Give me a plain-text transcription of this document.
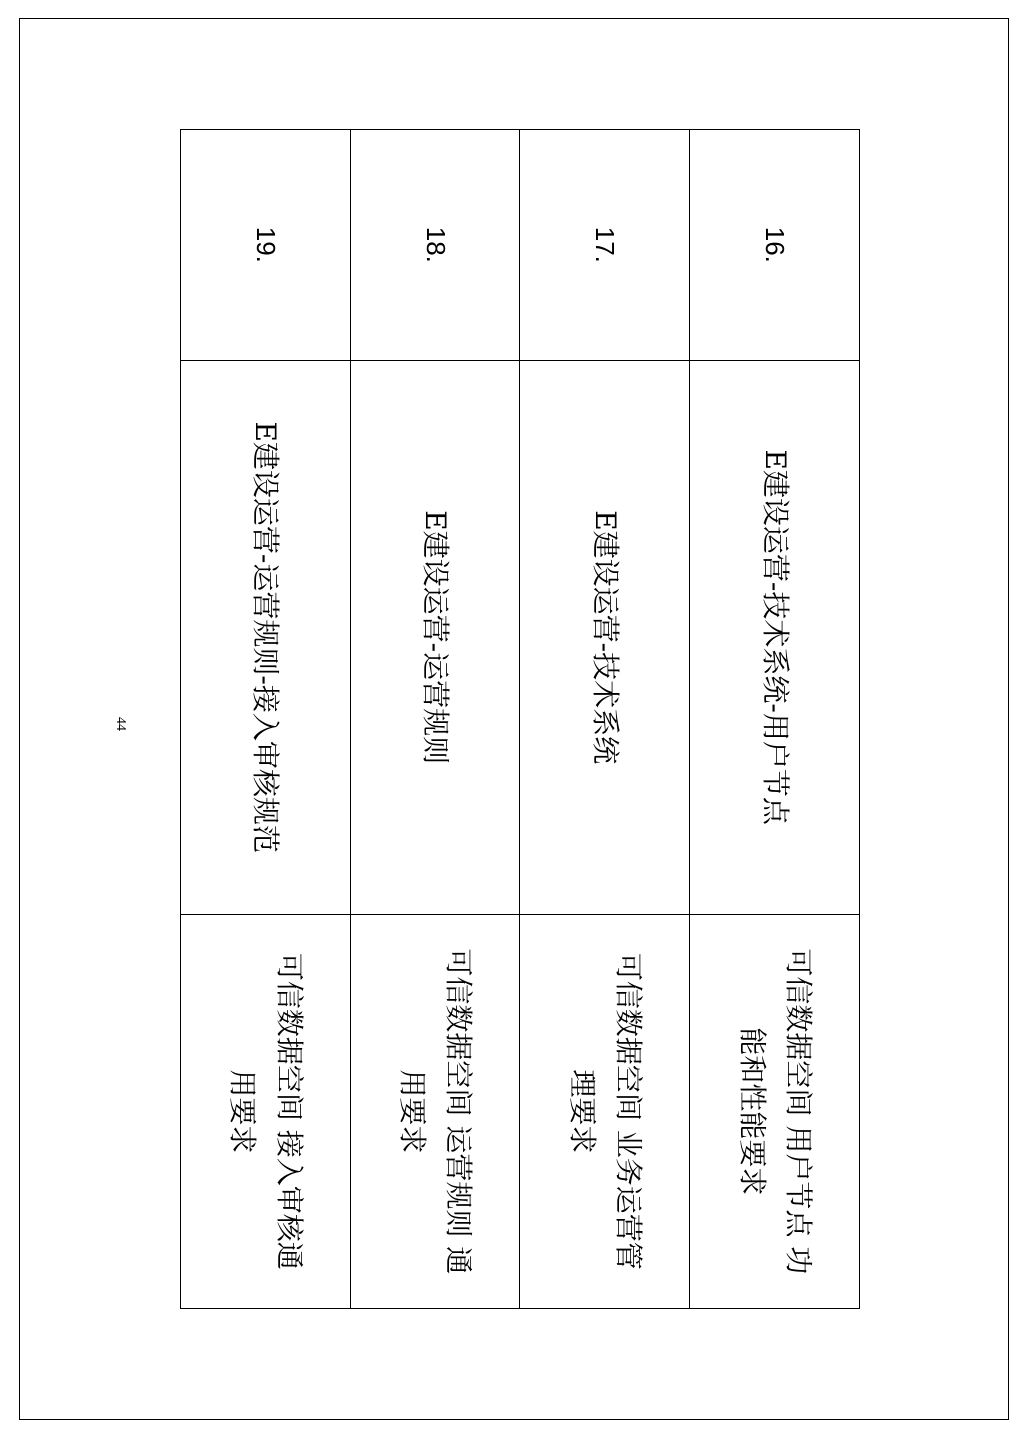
44
16.
E建设运营-技术系统-用户节点
可信数据空间 用户节点 功能和性能要求
17.
E建设运营-技术系统
可信数据空间 业务运营管理要求
18.
E建设运营-运营规则
可信数据空间 运营规则 通用要求
19.
E建设运营-运营规则-接入审核规范
可信数据空间 接入审核通用要求
